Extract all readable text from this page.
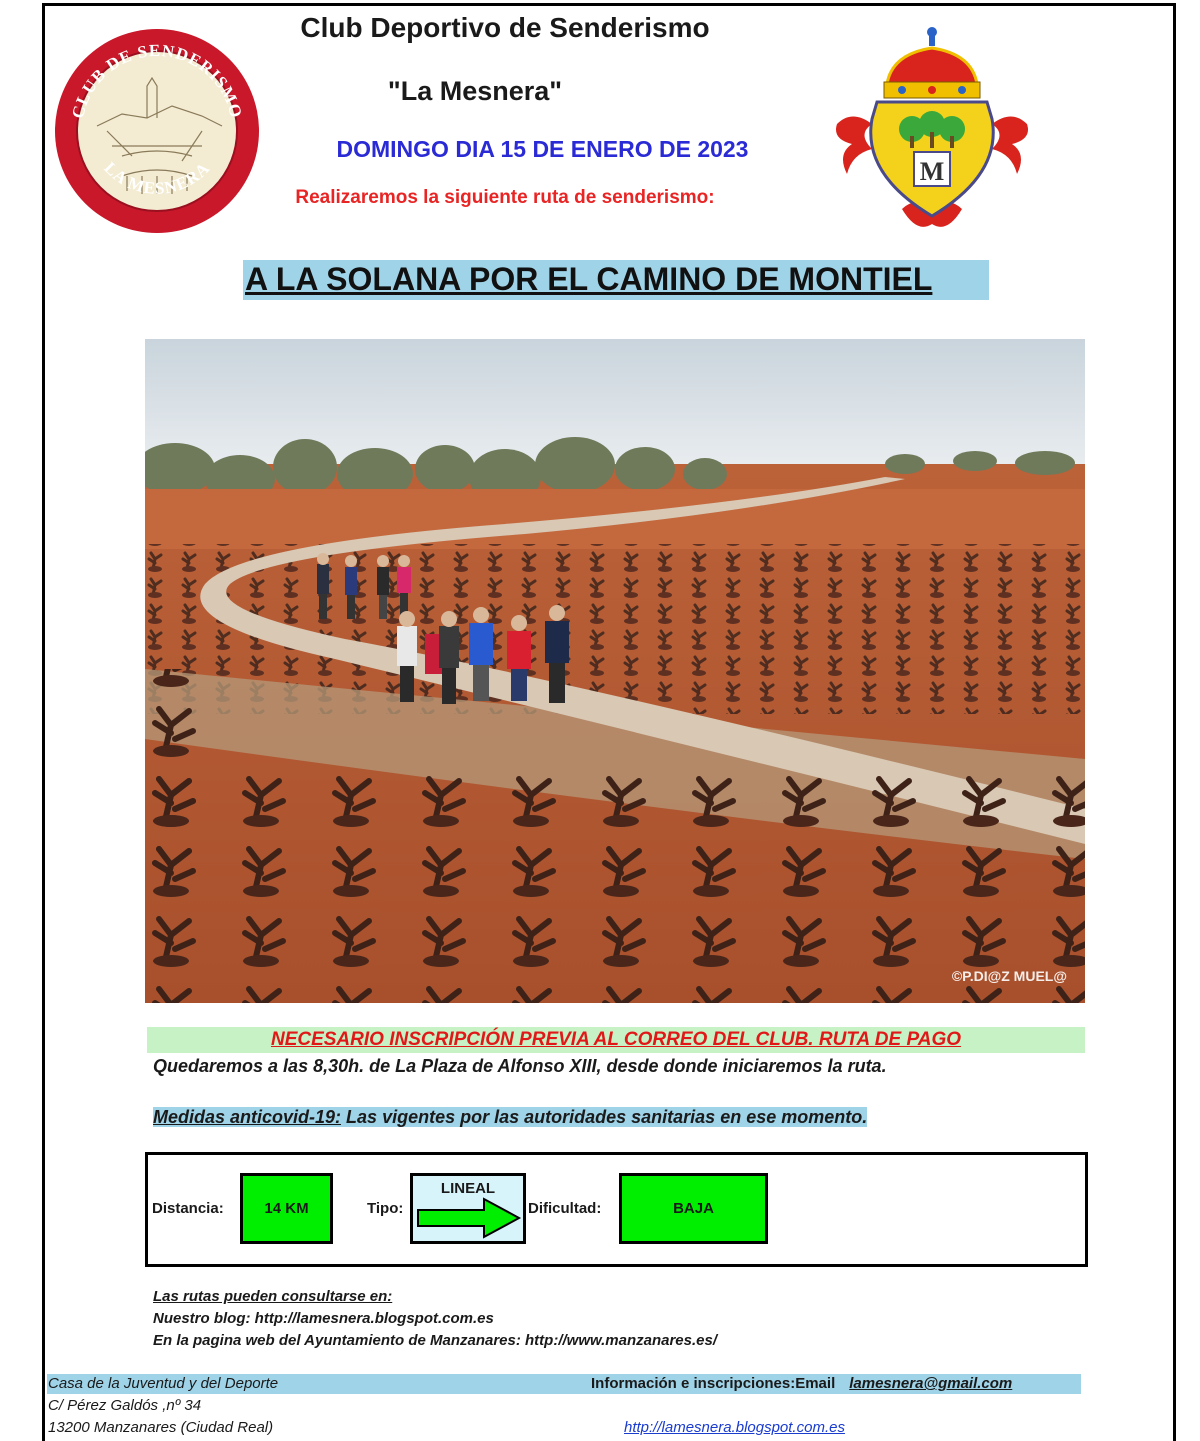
CLUB DE SENDERISMO
LA MESNERA
Club Deportivo de Senderismo
"La Mesnera"
DOMINGO DIA 15 DE ENERO DE 2023
Realizaremos la siguiente ruta de senderismo:
M
A LA SOLANA POR EL CAMINO DE MONTIEL
©P.DI@Z MUEL@
NECESARIO INSCRIPCIÓN PREVIA AL CORREO DEL CLUB. RUTA DE PAGO
Quedaremos a las 8,30h. de La Plaza de Alfonso XIII, desde donde iniciaremos la ruta.
Medidas anticovid-19: Las vigentes por las autoridades sanitarias en ese momento.
Distancia:	14 KM	Tipo:
LINEAL
Dificultad:	BAJA
Las rutas pueden consultarse en:
Nuestro blog: http://lamesnera.blogspot.com.es
En la pagina web del Ayuntamiento de Manzanares: http://www.manzanares.es/
Casa de la Juventud y del Deporte
C/ Pérez Galdós ,nº 34
13200 Manzanares (Ciudad Real)
Información e inscripciones:Email lamesnera@gmail.com
http://lamesnera.blogspot.com.es
